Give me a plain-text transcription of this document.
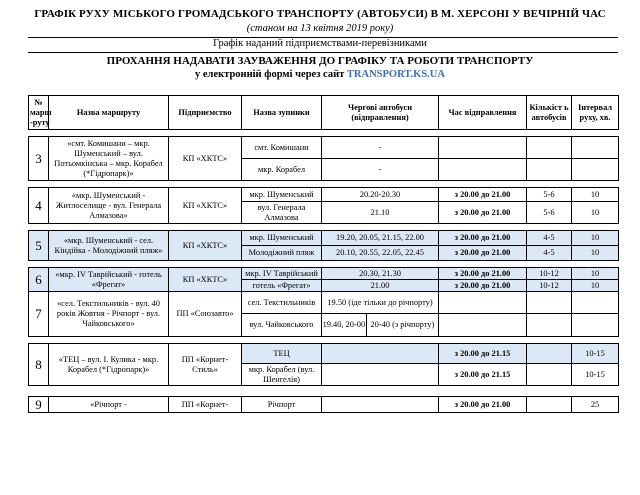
ГРАФІК РУХУ МІСЬКОГО ГРОМАДСЬКОГО ТРАНСПОРТУ (АВТОБУСИ) В М. ХЕРСОНІ У ВЕЧІРНІЙ ЧАС
(станом на 13 квітня 2019 року)
Графік наданий підприємствами-перевізниками
ПРОХАННЯ НАДАВАТИ ЗАУВАЖЕННЯ ДО ГРАФІКУ ТА РОБОТИ ТРАНСПОРТУ
у електронній формі через сайт TRANSPORT.KS.UA
№ марш -руту	Назва маршруту	Підприємство	Назва зупинки	Чергові автобуси (відправлення)	Час відправлення	Кількіст ь автобусів	Інтервал руху, хв.

3	«смт. Комишани – мкр. Шуменський – вул. Потьомкінська – мкр. Корабел (*Гідропарк)»	КП «ХКТС»	смт. Комишани	-			
			мкр. Корабел	-			

4	«мкр. Шуменський - Житлоселище - вул. Генерала Алмазова»	КП «ХКТС»	мкр. Шуменський	20.20-20.30	з 20.00 до 21.00	5-6	10
			вул. Генерала Алмазова	21.10	з 20.00 до 21.00	5-6	10

5	«мкр. Шуменський - сел. Кіндійка - Молодіжний пляж»	КП «ХКТС»	мкр. Шуменський	19.20, 20.05, 21.15, 22.00	з 20.00 до 21.00	4-5	10
			Молодіжний пляж	20.10, 20.55, 22.05, 22.45	з 20.00 до 21.00	4-5	10

6	«мкр. IV Таврійський - готель «Фрегат»	КП «ХКТС»	мкр. IV Таврійський	20.30, 21.30	з 20.00 до 21.00	10-12	10
			готель «Фрегат»	21.00	з 20.00 до 21.00	10-12	10
7	«сел. Текстильників - вул. 40 років Жовтня - Річпорт - вул. Чайковського»	ПП «Союзавто»	сел. Текстильників	19.50 (іде тільки до річпорту)			
			вул. Чайковського	19.40, 20-00 20-40 (з річпорту)			

8	«ТЕЦ – вул. І. Кулика - мкр. Корабел (*Гідропарк)»	ПП «Корнет-Стиль»	ТЕЦ		з 20.00 до 21.15		10-15
			мкр. Корабел (вул. Шенгелія)		з 20.00 до 21.15		10-15

9	«Річпорт -	ПП «Корнет-	Річпорт		з 20.00 до 21.00		25
